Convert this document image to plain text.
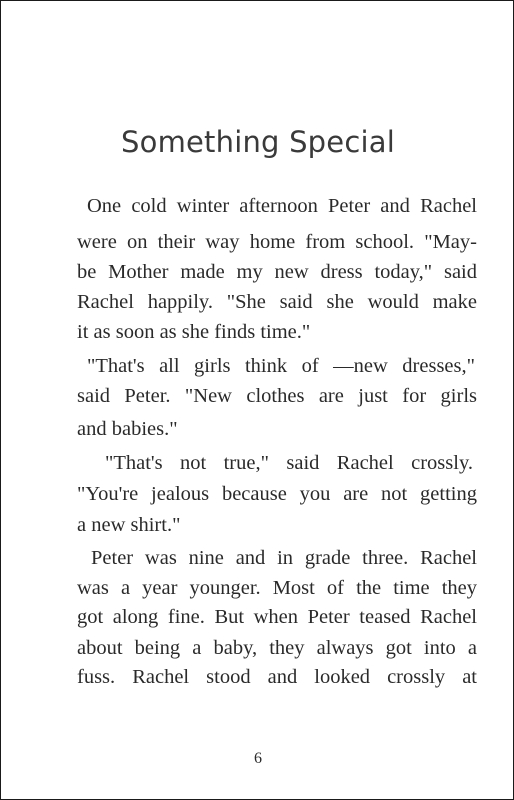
Something Special
One cold winter afternoon Peter and Rachel
were on their way home from school. "May-
be Mother made my new dress today," said
Rachel happily. "She said she would make
it as soon as she finds time."
"That's all girls think of —new dresses,"
said Peter. "New clothes are just for girls
and babies."
"That's not true," said Rachel crossly.
"You're jealous because you are not getting
a new shirt."
Peter was nine and in grade three. Rachel
was a year younger. Most of the time they
got along fine. But when Peter teased Rachel
about being a baby, they always got into a
fuss. Rachel stood and looked crossly at
6
